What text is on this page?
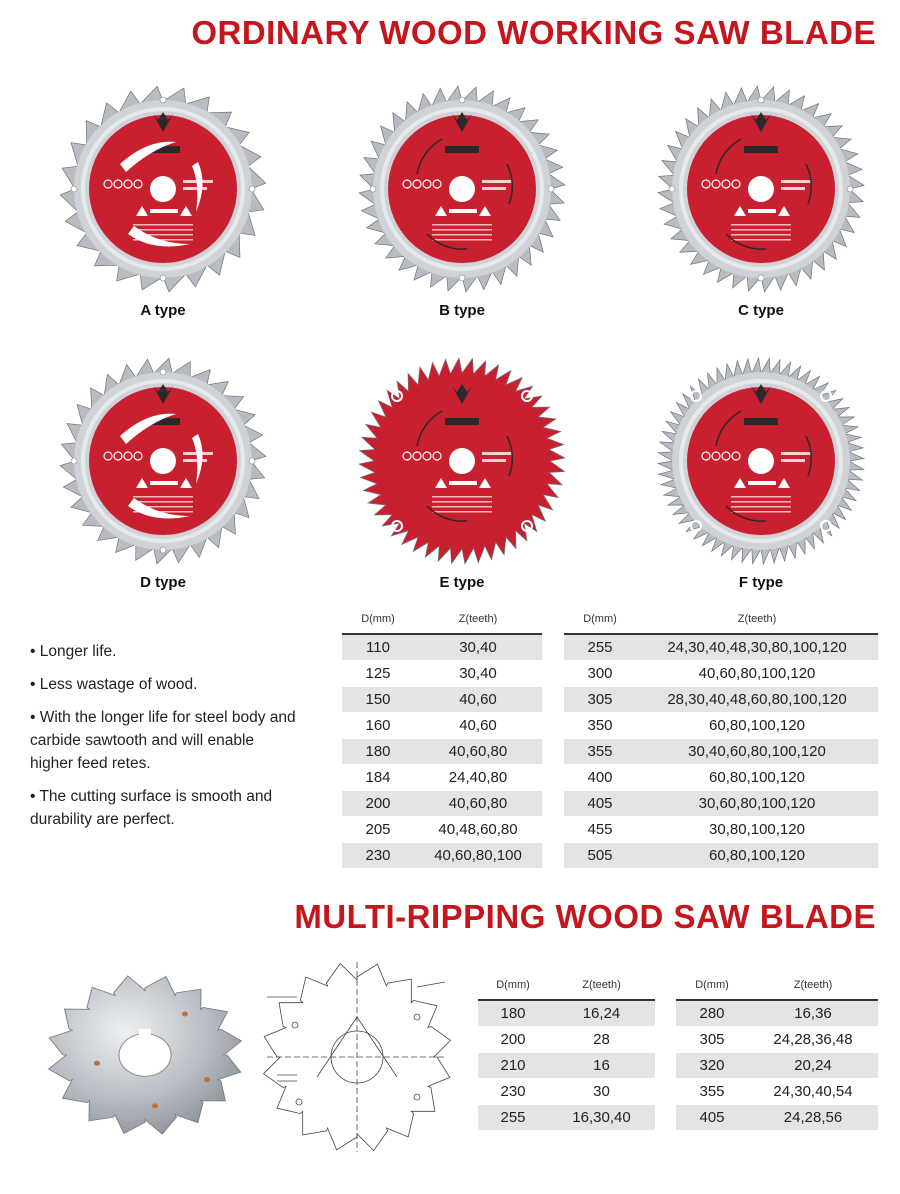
ORDINARY WOOD WORKING SAW BLADE
A type	B type	C type
D type	E type	F type
• Longer life.
• Less wastage of wood.
• With the longer life for steel body and carbide sawtooth and will enable higher feed retes.
• The cutting surface is smooth and durability are perfect.
D(mm)	Z(teeth)
110	30,40
125	30,40
150	40,60
160	40,60
180	40,60,80
184	24,40,80
200	40,60,80
205	40,48,60,80
230	40,60,80,100
D(mm)	Z(teeth)
255	24,30,40,48,30,80,100,120
300	40,60,80,100,120
305	28,30,40,48,60,80,100,120
350	60,80,100,120
355	30,40,60,80,100,120
400	60,80,100,120
405	30,60,80,100,120
455	30,80,100,120
505	60,80,100,120
MULTI-RIPPING WOOD SAW BLADE
D(mm)	Z(teeth)
180	16,24
200	28
210	16
230	30
255	16,30,40
D(mm)	Z(teeth)
280	16,36
305	24,28,36,48
320	20,24
355	24,30,40,54
405	24,28,56
